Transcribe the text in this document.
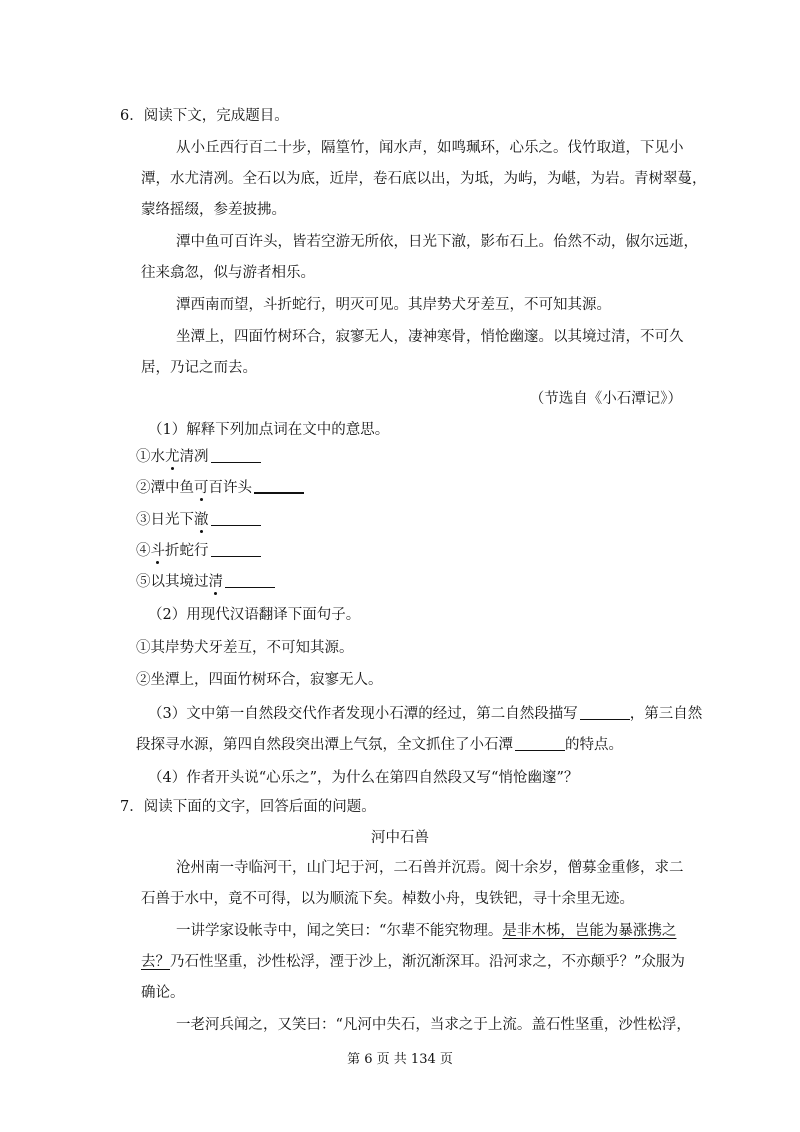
6．阅读下文，完成题目。
从小丘西行百二十步，隔篁竹，闻水声，如鸣珮环，心乐之。伐竹取道，下见小
潭，水尤清冽。全石以为底，近岸，卷石底以出，为坻，为屿，为嵁，为岩。青树翠蔓，
蒙络摇缀，参差披拂。
潭中鱼可百许头，皆若空游无所依，日光下澈，影布石上。佁然不动，俶尔远逝，
往来翕忽，似与游者相乐。
潭西南而望，斗折蛇行，明灭可见。其岸势犬牙差互，不可知其源。
坐潭上，四面竹树环合，寂寥无人，凄神寒骨，悄怆幽邃。以其境过清，不可久
居，乃记之而去。
（节选自《小石潭记》）
（1）解释下列加点词在文中的意思。
①水尤清冽
②潭中鱼可百许头
③日光下澈
④斗折蛇行
⑤以其境过清
（2）用现代汉语翻译下面句子。
①其岸势犬牙差互，不可知其源。
②坐潭上，四面竹树环合，寂寥无人。
（3）文中第一自然段交代作者发现小石潭的经过，第二自然段描写	，第三自然
段探寻水源，第四自然段突出潭上气氛，全文抓住了小石潭	的特点。
（4）作者开头说“心乐之”，为什么在第四自然段又写“悄怆幽邃”？
7．阅读下面的文字，回答后面的问题。
河中石兽
沧州南一寺临河干，山门圮于河，二石兽并沉焉。阅十余岁，僧募金重修，求二
石兽于水中，竟不可得，以为顺流下矣。棹数小舟，曳铁钯，寻十余里无迹。
一讲学家设帐寺中，闻之笑曰：“尔辈不能究物理。是非木柹，岂能为暴涨携之
去？乃石性坚重，沙性松浮，湮于沙上，渐沉渐深耳。沿河求之，不亦颠乎？”众服为
确论。
一老河兵闻之，又笑曰：“凡河中失石，当求之于上流。盖石性坚重，沙性松浮，
第 6 页 共 134 页
